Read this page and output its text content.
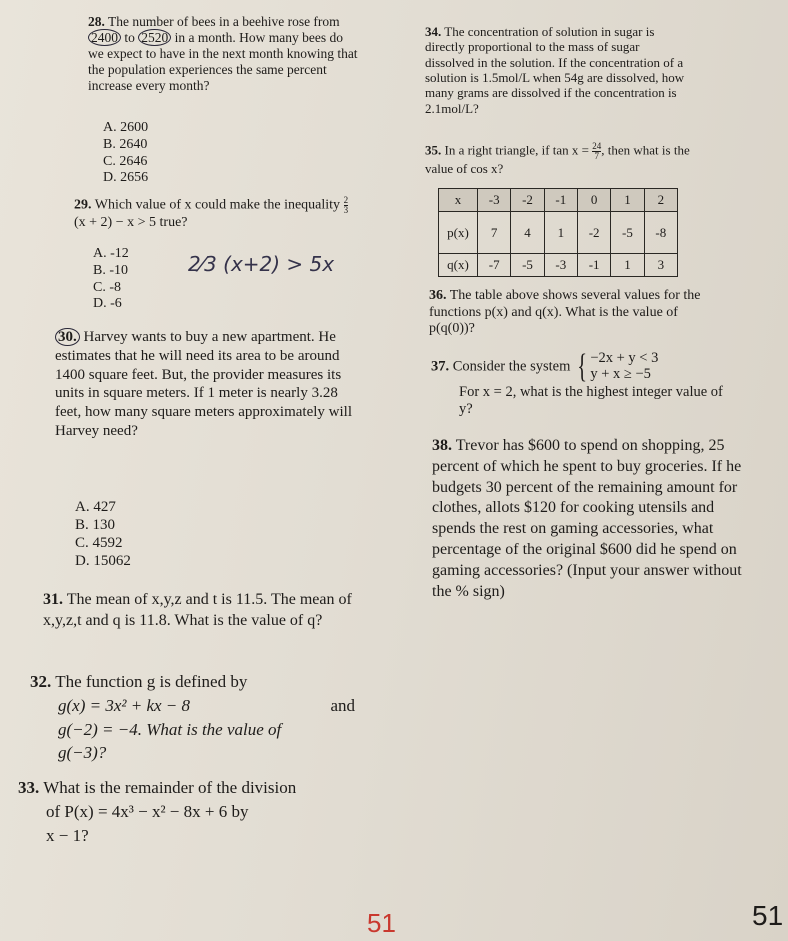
28. The number of bees in a beehive rose from 2400 to 2520 in a month. How many bees do we expect to have in the next month knowing that the population experiences the same percent increase every month?
A. 2600
B. 2640
C. 2646
D. 2656
29. Which value of x could make the inequality $\frac{2}{3}$
(x + 2) − x > 5 true?
A. -12
B. -10
C. -8
D. -6
2⁄3 (x+2) > 5x
30. Harvey wants to buy a new apartment. He estimates that he will need its area to be around 1400 square feet. But, the provider measures its units in square meters. If 1 meter is nearly 3.28 feet, how many square meters approximately will Harvey need?
A. 427
B. 130
C. 4592
D. 15062
31. The mean of x,y,z and t is 11.5. The mean of x,y,z,t and q is 11.8. What is the value of q?
32. The function g is defined by
g(x) = 3x² + kx − 8	and
g(−2) = −4. What is the value of
g(−3)?
33. What is the remainder of the division
of P(x) = 4x³ − x² − 8x + 6 by
x − 1?
34. The concentration of solution in sugar is directly proportional to the mass of sugar dissolved in the solution. If the concentration of a solution is 1.5mol/L when 54g are dissolved, how many grams are dissolved if the concentration is 2.1mol/L?
35. In a right triangle, if $\tan x = \frac{24}{7}$ , then what is the value of cos x?
x	-3	-2	-1	0	1	2
p(x)	7	4	1	-2	-5	-8
q(x)	-7	-5	-3	-1	1	3
36. The table above shows several values for the functions p(x) and q(x). What is the value of p(q(0))?
37. Consider the system { −2x + y < 3
y + x ≥ −5
For x = 2, what is the highest integer value of y?
38. Trevor has $600 to spend on shopping, 25 percent of which he spent to buy groceries. If he budgets 30 percent of the remaining amount for clothes, allots $120 for cooking utensils and spends the rest on gaming accessories, what percentage of the original $600 did he spend on gaming accessories? (Input your answer without the % sign)
51	51
